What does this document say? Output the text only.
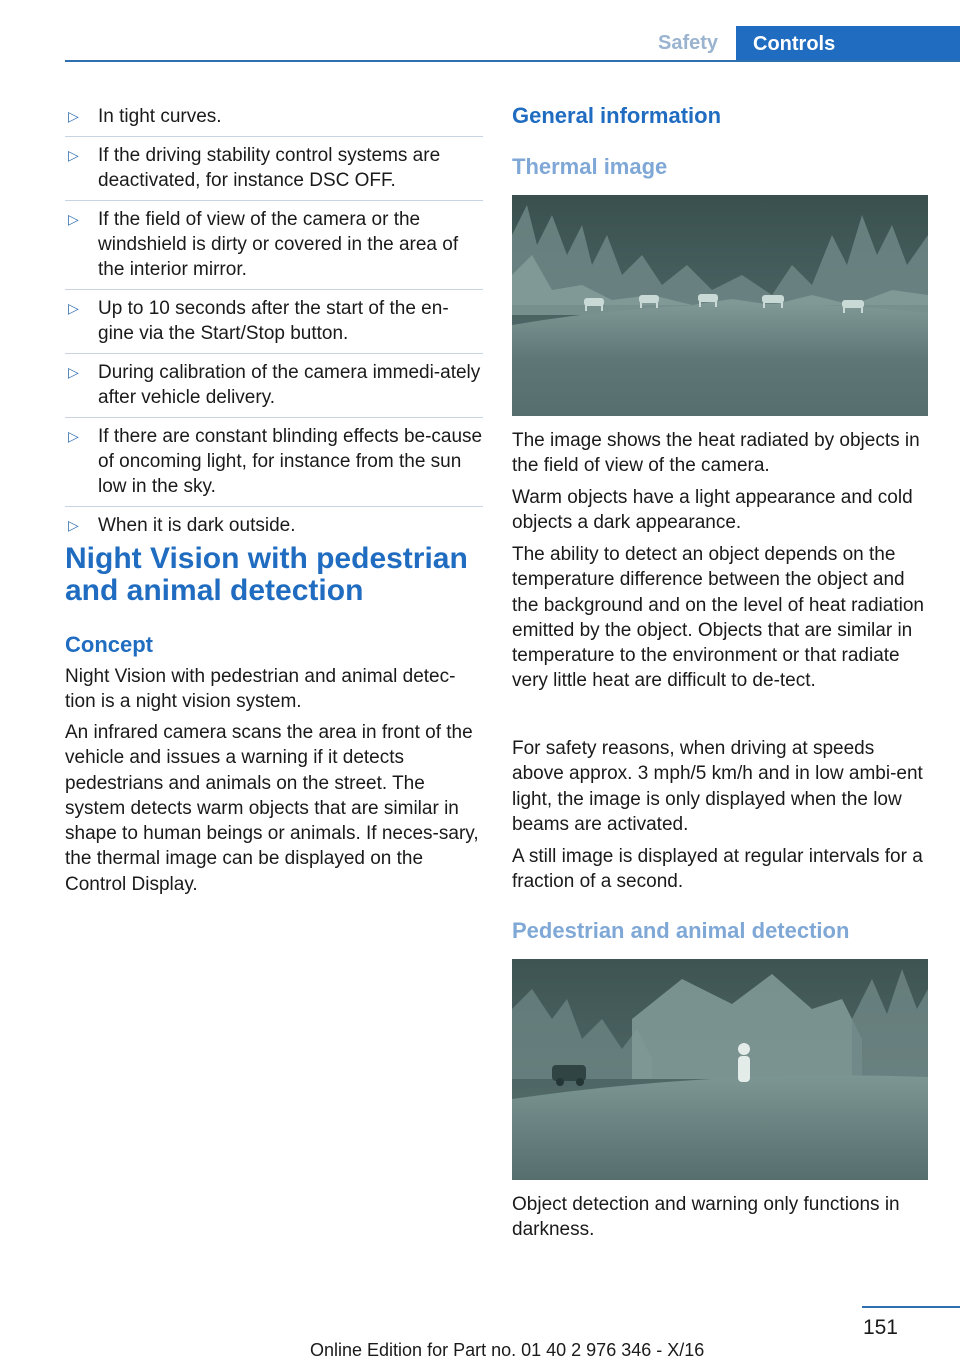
Safety	Controls
▷ In tight curves.
▷ If the driving stability control systems are deactivated, for instance DSC OFF.
▷ If the field of view of the camera or the windshield is dirty or covered in the area of the interior mirror.
▷ Up to 10 seconds after the start of the en-gine via the Start/Stop button.
▷ During calibration of the camera immedi-ately after vehicle delivery.
▷ If there are constant blinding effects be-cause of oncoming light, for instance from the sun low in the sky.
▷ When it is dark outside.
Night Vision with pedestrian and animal detection
Concept

Night Vision with pedestrian and animal detec-tion is a night vision system.

An infrared camera scans the area in front of the vehicle and issues a warning if it detects pedestrians and animals on the street. The system detects warm objects that are similar in shape to human beings or animals. If neces-sary, the thermal image can be displayed on the Control Display.

General information
Thermal image

The image shows the heat radiated by objects in the field of view of the camera.

Warm objects have a light appearance and cold objects a dark appearance.

The ability to detect an object depends on the temperature difference between the object and the background and on the level of heat radiation emitted by the object. Objects that are similar in temperature to the environment or that radiate very little heat are difficult to de-tect.

For safety reasons, when driving at speeds above approx. 3 mph/5 km/h and in low ambi-ent light, the image is only displayed when the low beams are activated.

A still image is displayed at regular intervals for a fraction of a second.

Pedestrian and animal detection

Object detection and warning only functions in darkness.

151
Online Edition for Part no. 01 40 2 976 346 - X/16
